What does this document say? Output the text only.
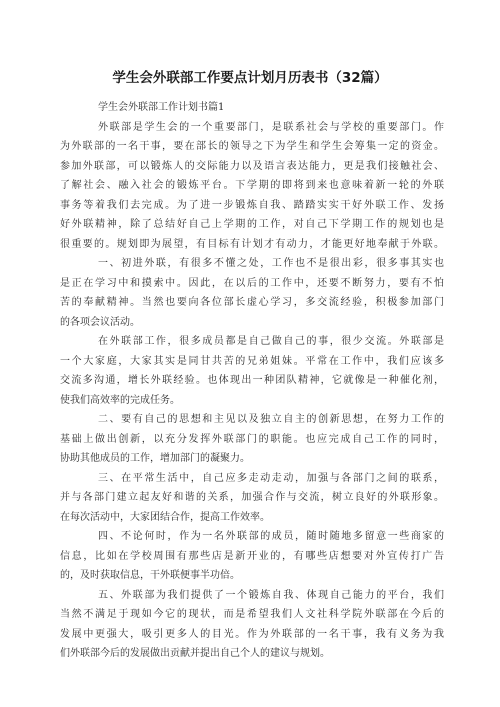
学生会外联部工作要点计划月历表书（32篇）
学生会外联部工作计划书篇1
外联部是学生会的一个重要部门，是联系社会与学校的重要部门。作
为外联部的一名干事，要在部长的领导之下为学生和学生会筹集一定的资金。
参加外联部，可以锻炼人的交际能力以及语言表达能力，更是我们接触社会、
了解社会、融入社会的锻炼平台。下学期的即将到来也意味着新一轮的外联
事务等着我们去完成。为了进一步锻炼自我、踏踏实实干好外联工作、发扬
好外联精神，除了总结好自己上学期的工作，对自己下学期工作的规划也是
很重要的。规划即为展望，有目标有计划才有动力，才能更好地奉献于外联。
一、初进外联，有很多不懂之处，工作也不是很出彩，很多事其实也
是正在学习中和摸索中。因此，在以后的工作中，还要不断努力，要有不怕
苦的奉献精神。当然也要向各位部长虚心学习，多交流经验，积极参加部门
的各项会议活动。
在外联部工作，很多成员都是自己做自己的事，很少交流。外联部是
一个大家庭，大家其实是同甘共苦的兄弟姐妹。平常在工作中，我们应该多
交流多沟通，增长外联经验。也体现出一种团队精神，它就像是一种催化剂，
使我们高效率的完成任务。
二、要有自己的思想和主见以及独立自主的创新思想，在努力工作的
基础上做出创新，以充分发挥外联部门的职能。也应完成自己工作的同时，
协助其他成员的工作，增加部门的凝聚力。
三、在平常生活中，自己应多走动走动，加强与各部门之间的联系，
并与各部门建立起友好和谐的关系，加强合作与交流，树立良好的外联形象。
在每次活动中，大家团结合作，提高工作效率。
四、不论何时，作为一名外联部的成员，随时随地多留意一些商家的
信息，比如在学校周围有那些店是新开业的，有哪些店想要对外宣传打广告
的，及时获取信息，干外联便事半功倍。
五、外联部为我们提供了一个锻炼自我、体现自己能力的平台，我们
当然不满足于现如今它的现状，而是希望我们人文社科学院外联部在今后的
发展中更强大，吸引更多人的目光。作为外联部的一名干事，我有义务为我
们外联部今后的发展做出贡献并提出自己个人的建议与规划。
